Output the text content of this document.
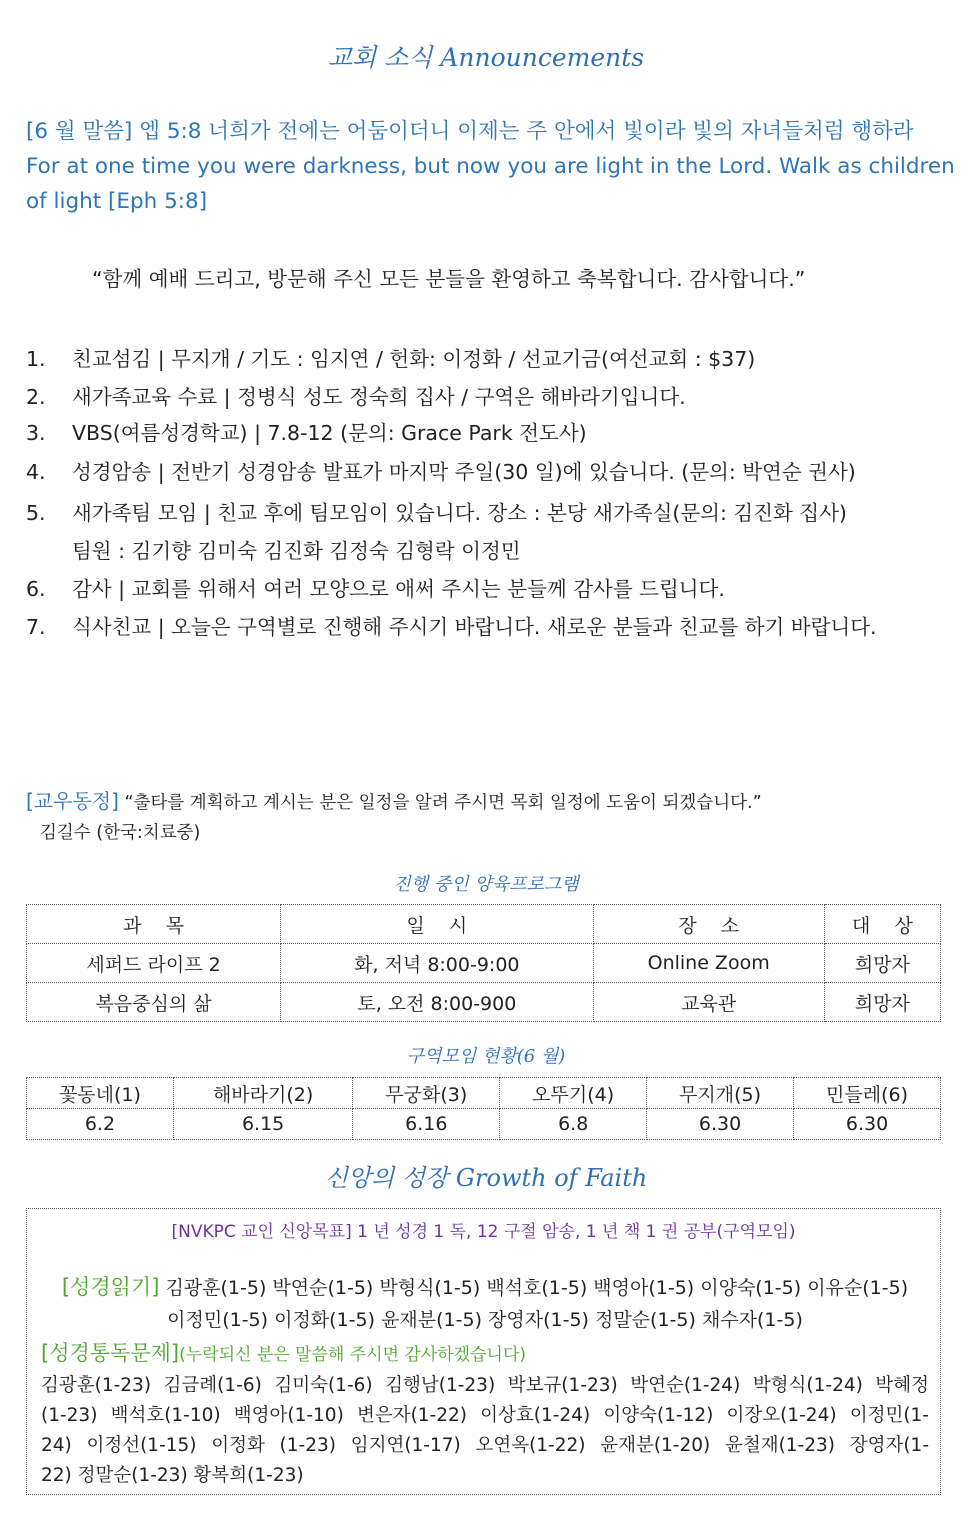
교회 소식 Announcements
[6 월 말씀] 엡 5:8 너희가 전에는 어둠이더니 이제는 주 안에서 빛이라 빛의 자녀들처럼 행하라
For at one time you were darkness, but now you are light in the Lord. Walk as children of light [Eph 5:8]
“함께 예배 드리고, 방문해 주신 모든 분들을 환영하고 축복합니다. 감사합니다.”
1. 친교섬김 | 무지개 / 기도 : 임지연 / 헌화: 이정화 / 선교기금(여선교회 : $37)
2. 새가족교육 수료 | 정병식 성도 정숙희 집사 / 구역은 해바라기입니다.
3. VBS(여름성경학교) | 7.8-12 (문의: Grace Park 전도사)
4. 성경암송 | 전반기 성경암송 발표가 마지막 주일(30 일)에 있습니다. (문의: 박연순 권사)
5. 새가족팀 모임 | 친교 후에 팀모임이 있습니다. 장소 : 본당 새가족실(문의: 김진화 집사)
팀원 : 김기향 김미숙 김진화 김정숙 김형락 이정민
6. 감사 | 교회를 위해서 여러 모양으로 애써 주시는 분들께 감사를 드립니다.
7. 식사친교 | 오늘은 구역별로 진행해 주시기 바랍니다. 새로운 분들과 친교를 하기 바랍니다.
[교우동정] “출타를 계획하고 계시는 분은 일정을 알려 주시면 목회 일정에 도움이 되겠습니다.”
김길수 (한국:치료중)
진행 중인 양육프로그램
과    목	일    시	장    소	대    상
세퍼드 라이프 2	화, 저녁 8:00-9:00	Online Zoom	희망자
복음중심의 삶	토, 오전 8:00-900	교육관	희망자
구역모임 현황(6 월)
꽃동네(1)	해바라기(2)	무궁화(3)	오뚜기(4)	무지개(5)	민들레(6)
6.2	6.15	6.16	6.8	6.30	6.30
신앙의 성장 Growth of Faith
[NVKPC 교인 신앙목표] 1 년 성경 1 독, 12 구절 암송, 1 년 책 1 권 공부(구역모임)
[성경읽기] 김광훈(1-5) 박연순(1-5) 박형식(1-5) 백석호(1-5) 백영아(1-5) 이양숙(1-5) 이유순(1-5)
이정민(1-5) 이정화(1-5) 윤재분(1-5) 장영자(1-5) 정말순(1-5) 채수자(1-5)
[성경통독문제](누락되신 분은 말씀해 주시면 감사하겠습니다)
김광훈(1-23)  김금례(1-6)  김미숙(1-6)  김행남(1-23)  박보규(1-23)  박연순(1-24)  박형식(1-24)  박혜정(1-23)  백석호(1-10)  백영아(1-10)  변은자(1-22)  이상효(1-24)  이양숙(1-12)  이장오(1-24)  이정민(1-24)  이정선(1-15)  이정화  (1-23)  임지연(1-17)  오연옥(1-22)  윤재분(1-20)  윤철재(1-23)  장영자(1-22) 정말순(1-23) 황복희(1-23)
